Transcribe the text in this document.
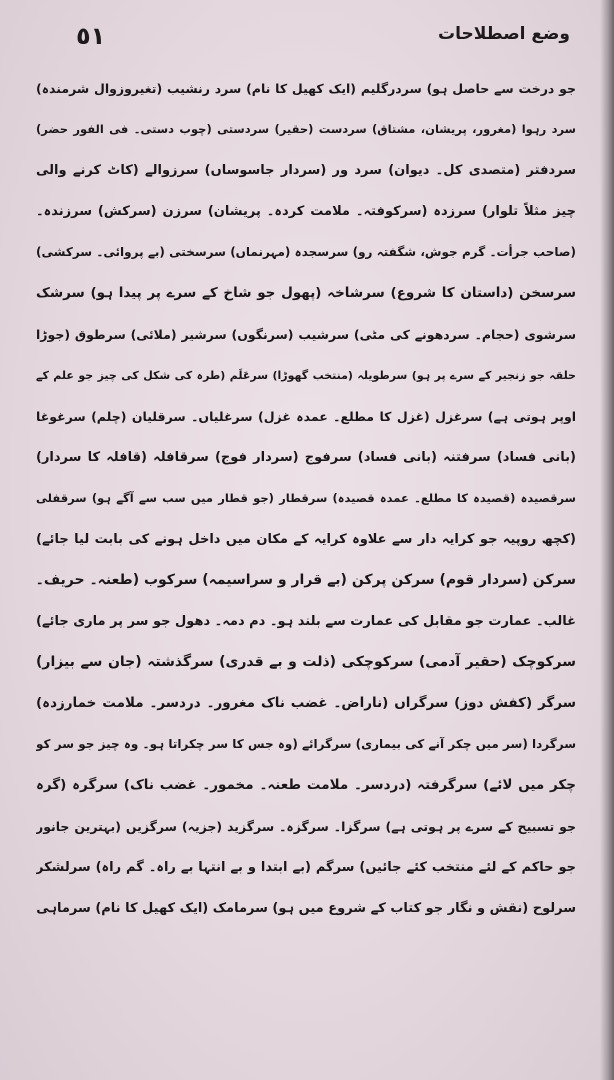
٥١	وضع اصطلاحات
جو درخت سے حاصل ہو) سردرگلیم (ایک کھیل کا نام) سرد رنشیب (تغیروزوال شرمندہ)
سرد رہوا (مغرور، پریشان، مشتاق) سردست (حقیر) سردستی (چوب دستی۔ فی الفور حضر)
سردفتر (متصدی کل۔ دیوان) سرد ور (سردار جاسوساں) سرزوالے (کاٹ کرنے والی
چیز مثلاً تلوار) سرزدہ (سرکوفتہ۔ ملامت کردہ۔ پریشان) سرزن (سرکش) سرزندہ۔
(صاحب جرأت۔ گرم جوش، شگفتہ رو) سرسجدہ (مہرنماں) سرسختی (بے پروائی۔ سرکشی)
سرسخن (داستان کا شروع) سرشاخہ (پھول جو شاخ کے سرے پر پیدا ہو) سرشک
سرشوی (حجام۔ سردھونے کی مٹی) سرشیب (سرنگوں) سرشیر (ملائی) سرطوق (جوڑا
حلقہ جو زنجیر کے سرے پر ہو) سرطویلہ (منتخب گھوڑا) سرعَلَم (طرہ کی شکل کی چیز جو علم کے
اوپر ہوتی ہے) سرغزل (غزل کا مطلع۔ عمدہ غزل) سرغلیاں۔ سرقلیان (چلم) سرغوغا
(بانی فساد) سرفتنہ (بانی فساد) سرفوج (سردار فوج) سرقافلہ (قافلہ کا سردار)
سرقصیدہ (قصیدہ کا مطلع۔ عمدہ قصیدہ) سرقطار (جو قطار میں سب سے آگے ہو) سرقفلی
(کچھ روپیہ جو کرایہ دار سے علاوہ کرایہ کے مکان میں داخل ہونے کی بابت لیا جائے)
سرکن (سردار قوم) سرکن پرکن (بے قرار و سراسیمہ) سرکوب (طعنہ۔ حریف۔
غالب۔ عمارت جو مقابل کی عمارت سے بلند ہو۔ دم دمہ۔ دھول جو سر پر ماری جائے)
سرکوچک (حقیر آدمی) سرکوچکی (ذلت و بے قدری) سرگذشتہ (جان سے بیزار)
سرگر (کفش دوز) سرگراں (ناراض۔ غضب ناک مغرور۔ دردسر۔ ملامت خمارزدہ)
سرگردا (سر میں چکر آنے کی بیماری) سرگرائے (وہ جس کا سر چکراتا ہو۔ وہ چیز جو سر کو
چکر میں لائے) سرگرفتہ (دردسر۔ ملامت طعنہ۔ مخمور۔ غضب ناک) سرگرہ (گرہ
جو تسبیح کے سرے پر ہوتی ہے) سرگزا۔ سرگزہ۔ سرگزید (جزیہ) سرگزیں (بہترین جانور
جو حاکم کے لئے منتخب کئے جائیں) سرگم (بے ابتدا و بے انتہا بے راہ۔ گم راہ) سرلشکر
سرلوح (نقش و نگار جو کتاب کے شروع میں ہو) سرمامک (ایک کھیل کا نام) سرماہی
